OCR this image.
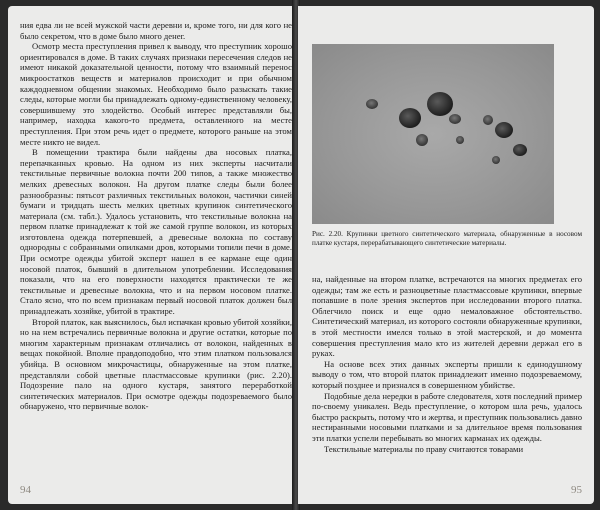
ния едва ли не всей мужской части деревни и, кроме того, ни для кого не было секретом, что в доме было много денег.

Осмотр места преступления привел к выводу, что преступник хорошо ориентировался в доме. В таких случаях признаки пересечения следов не имеют никакой доказательной ценности, потому что взаимный перенос микроостатков веществ и материалов происходит и при обычном каждодневном общении знакомых. Необходимо было разыскать такие следы, которые могли бы принадлежать одному-единственному человеку, совершившему это злодейство. Особый интерес представляли бы, например, находка какого-то предмета, оставленного на месте преступления. При этом речь идет о предмете, которого раньше на этом месте никто не видел.

В помещении трактира были найдены два носовых платка, перепачканных кровью. На одном из них эксперты насчитали текстильные первичные волокна почти 200 типов, а также множество мелких древесных волокон. На другом платке следы были более разнообразны: пятьсот различных текстильных волокон, частички синей бумаги и тридцать шесть мелких цветных крупинок синтетического материала (см. табл.). Удалось установить, что текстильные волокна на первом платке принадлежат к той же самой группе волокон, из которых изготовлена одежда потерпевшей, а древесные волокна по составу однородны с собранными опилками дров, которыми топили печи в доме. При осмотре одежды убитой эксперт нашел в ее кармане еще один носовой платок, бывший в длительном употреблении. Исследования показали, что на его поверхности находятся практически те же текстильные и древесные волокна, что и на первом носовом платке. Стало ясно, что по всем признакам первый носовой платок должен был принадлежать хозяйке, убитой в трактире.

Второй платок, как выяснилось, был испачкан кровью убитой хозяйки, но на нем встречались первичные волокна и другие остатки, которые по многим характерным признакам отличались от волокон, найденных в вещах покойной. Вполне правдоподобно, что этим платком пользовался убийца. В основном микрочастицы, обнаруженные на этом платке, представляли собой цветные пластмассовые крупинки (рис. 2.20). Подозрение пало на одного кустаря, занятого переработкой синтетических материалов. При осмотре одежды подозреваемого было обнаружено, что первичные волок-

94
Рис. 2.20. Крупинки цветного синтетического материала, обнаруженные в носовом платке кустаря, перерабатывающего синтетические материалы.

на, найденные на втором платке, встречаются на многих предметах его одежды; там же есть и разноцветные пластмассовые крупинки, впервые попавшие в поле зрения экспертов при исследовании второго платка. Облегчило поиск и еще одно немаловажное обстоятельство. Синтетический материал, из которого состояли обнаруженные крупинки, в этой местности имелся только в этой мастерской, и до момента совершения преступления мало кто из жителей деревни держал его в руках.

На основе всех этих данных эксперты пришли к единодушному выводу о том, что второй платок принадлежит именно подозреваемому, который позднее и признался в совершенном убийстве.

Подобные дела нередки в работе следователя, хотя последний пример по-своему уникален. Ведь преступление, о котором шла речь, удалось быстро раскрыть, потому что и жертва, и преступник пользовались давно нестиранными носовыми платками и за длительное время пользования эти платки успели перебывать во многих карманах их одежды.

Текстильные материалы по праву считаются товарами

95
